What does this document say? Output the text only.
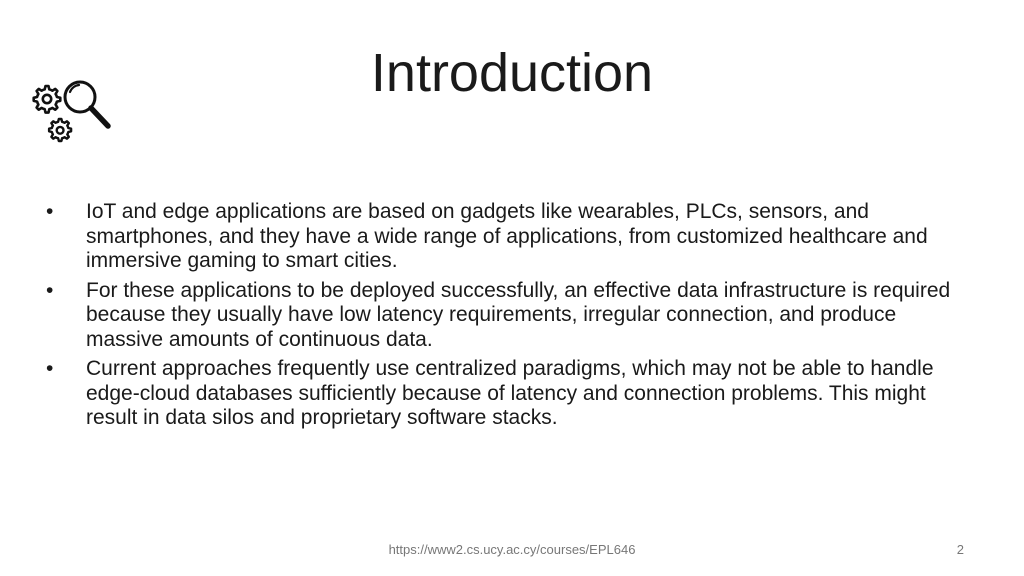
Introduction
•	IoT and edge applications are based on gadgets like wearables, PLCs, sensors, and smartphones, and they have a wide range of applications, from customized healthcare and immersive gaming to smart cities.
•	For these applications to be deployed successfully, an effective data infrastructure is required because they usually have low latency requirements, irregular connection, and produce massive amounts of continuous data.
•	Current approaches frequently use centralized paradigms, which may not be able to handle edge-cloud databases sufficiently because of latency and connection problems. This might result in data silos and proprietary software stacks.
https://www2.cs.ucy.ac.cy/courses/EPL646	2
